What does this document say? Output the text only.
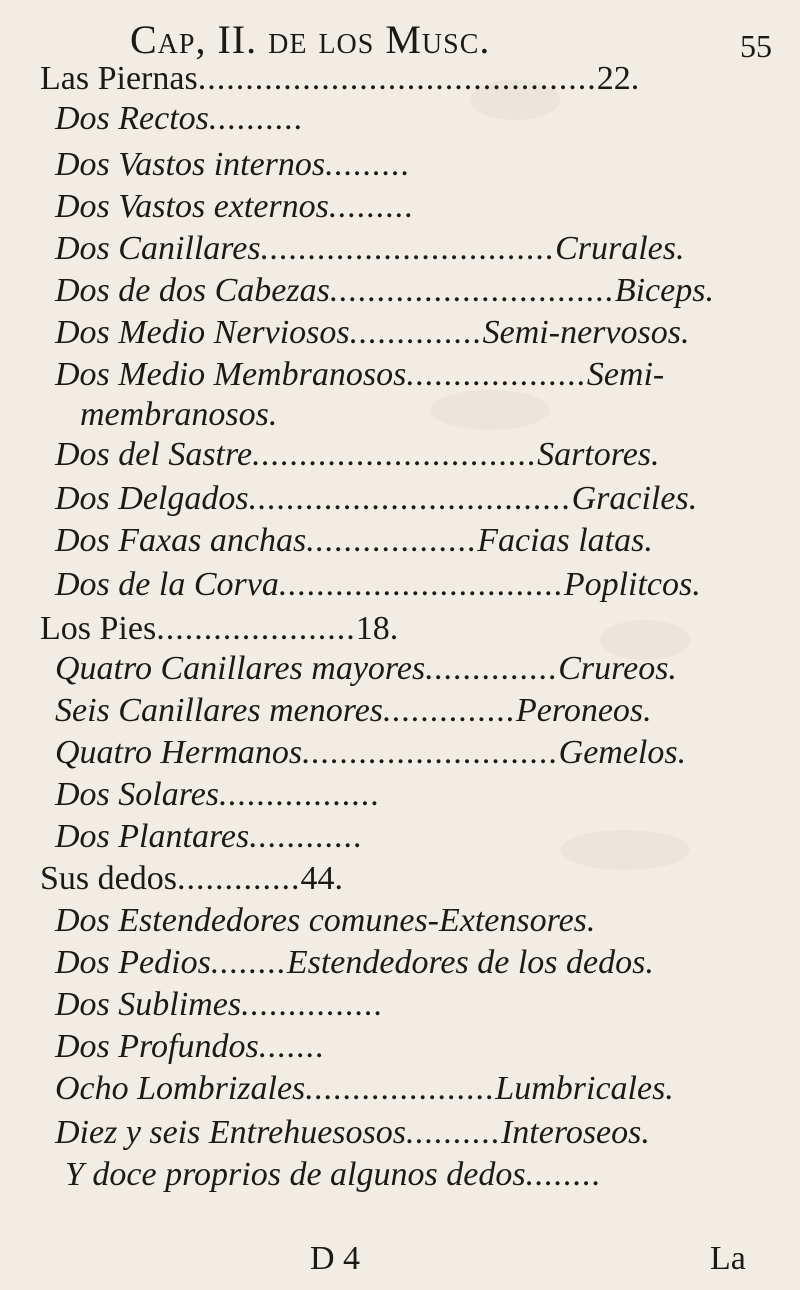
Cap, II. de los Musc.	55
Las Piernas..........................................22.
Dos Rectos..........
Dos Vastos internos.........
Dos Vastos externos.........
Dos Canillares...............................Crurales.
Dos de dos Cabezas..............................Biceps.
Dos Medio Nerviosos..............Semi-nervosos.
Dos Medio Membranosos...................Semi-
membranosos.
Dos del Sastre..............................Sartores.
Dos Delgados..................................Graciles.
Dos Faxas anchas..................Facias latas.
Dos de la Corva..............................Poplitcos.
Los Pies.....................18.
Quatro Canillares mayores..............Crureos.
Seis Canillares menores..............Peroneos.
Quatro Hermanos...........................Gemelos.
Dos Solares.................
Dos Plantares............
Sus dedos.............44.
Dos Estendedores comunes-Extensores.
Dos Pedios........Estendedores de los dedos.
Dos Sublimes...............
Dos Profundos.......
Ocho Lombrizales....................Lumbricales.
Diez y seis Entrehuesosos..........Interoseos.
Y doce proprios de algunos dedos........
D 4	La
